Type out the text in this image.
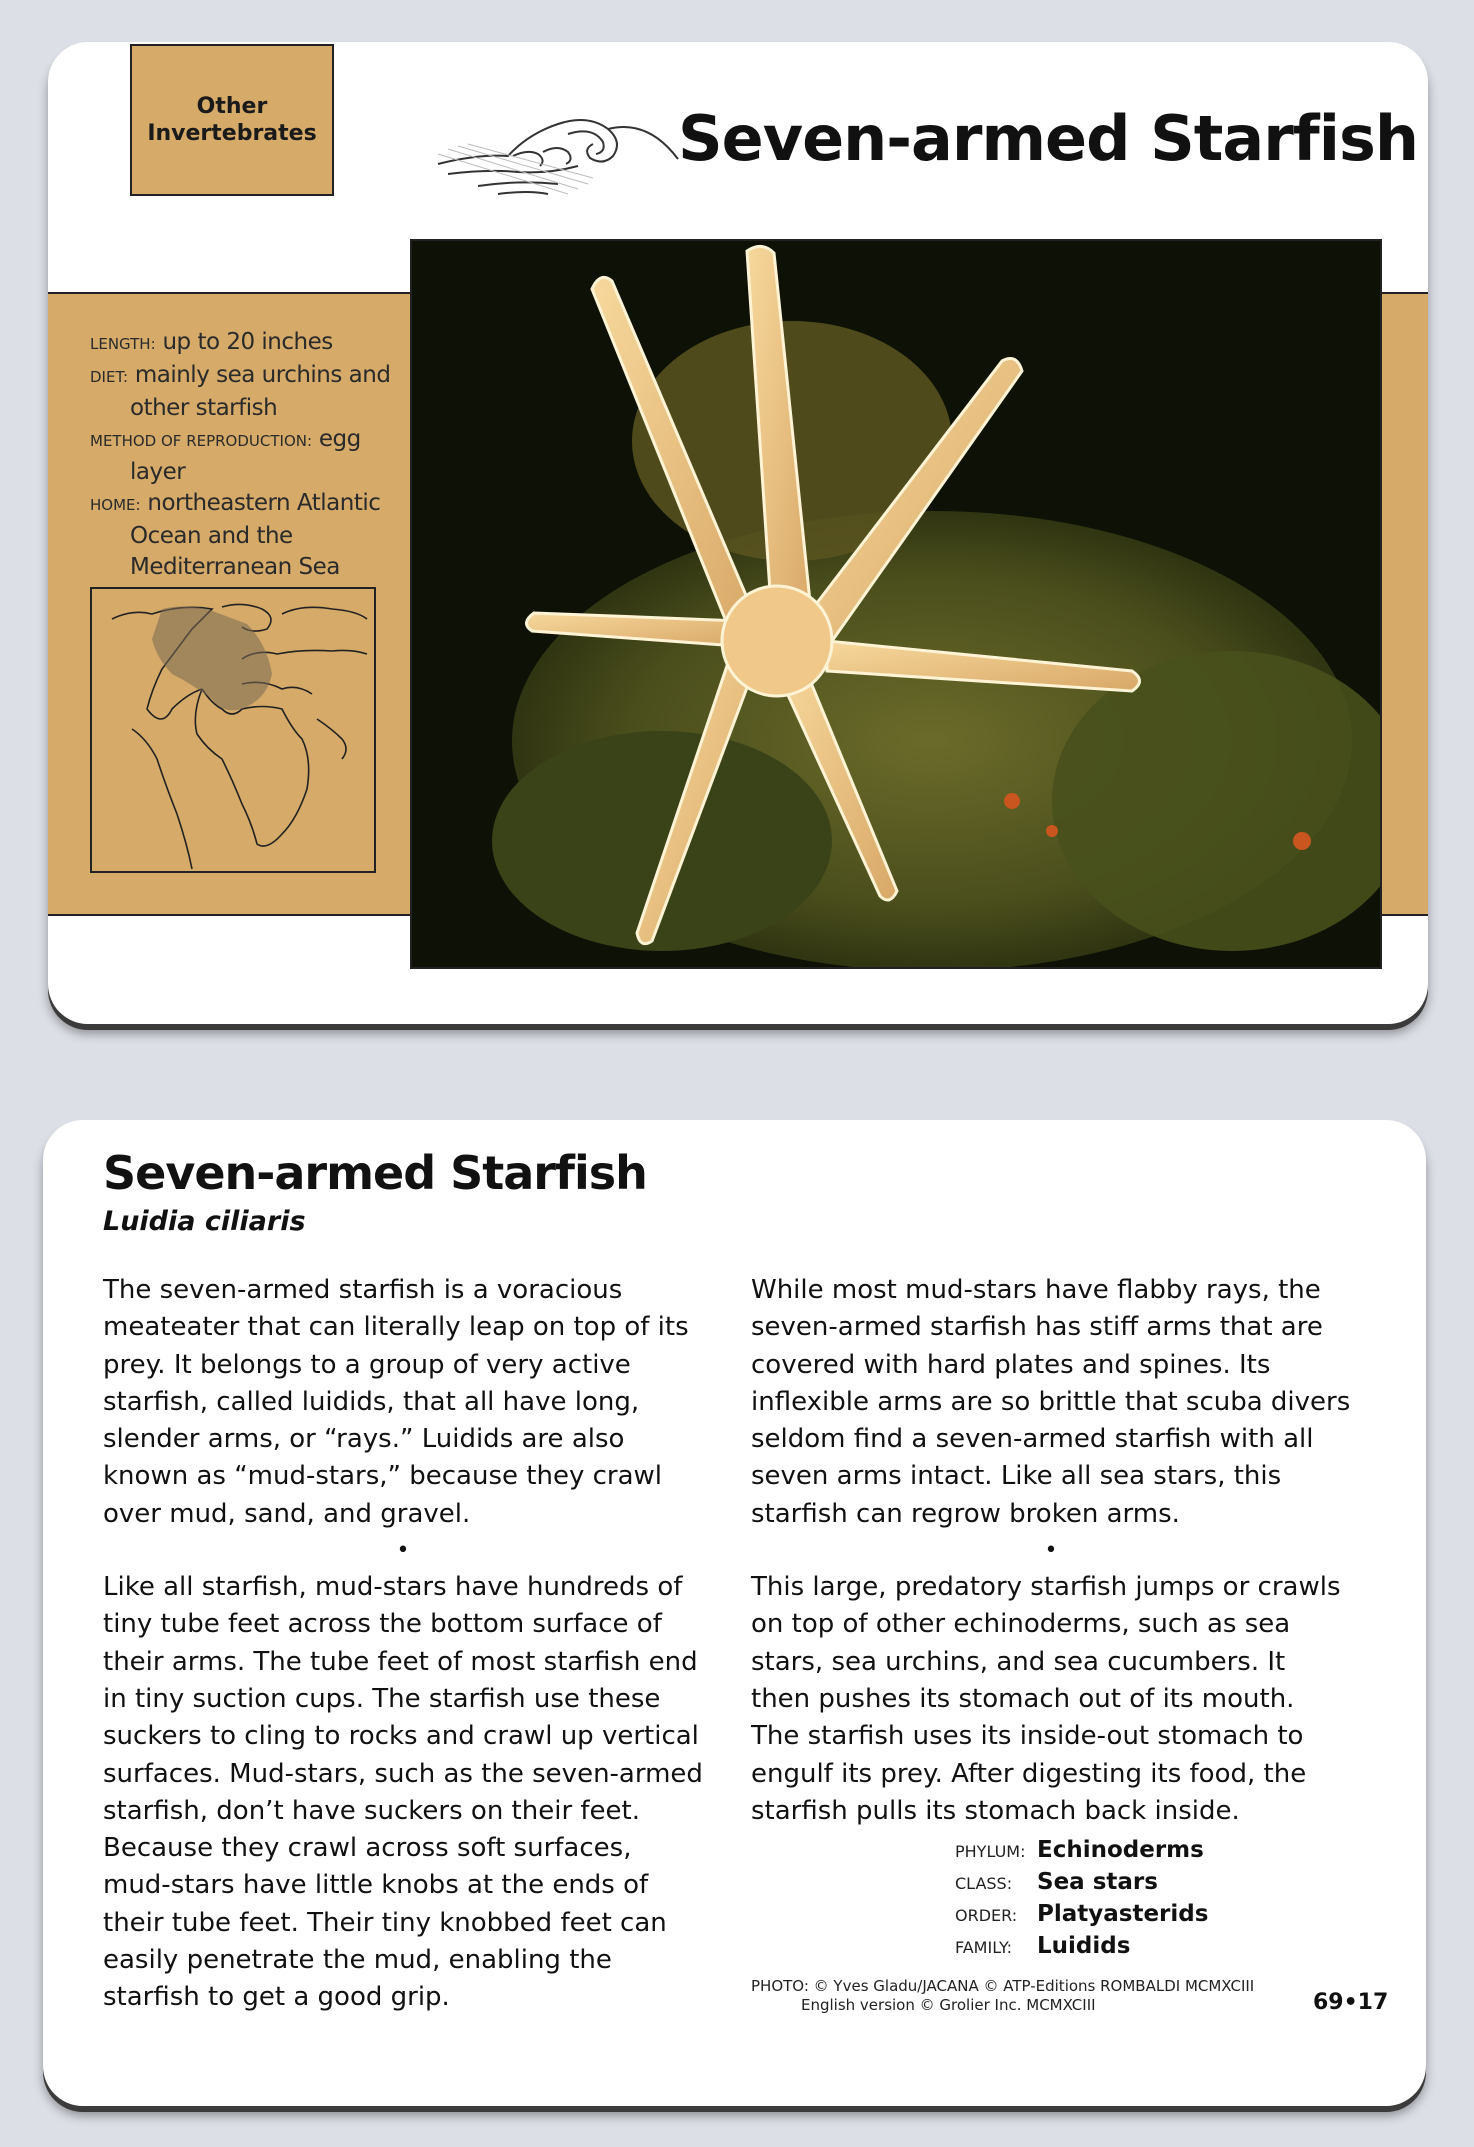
Other Invertebrates	Seven-armed Starfish
LENGTH: up to 20 inches
DIET: mainly sea urchins and other starfish
METHOD OF REPRODUCTION: egg layer
HOME: northeastern Atlantic Ocean and the Mediterranean Sea
Seven-armed Starfish
Luidia ciliaris

The seven-armed starfish is a voracious meateater that can literally leap on top of its prey. It belongs to a group of very active starfish, called luidids, that all have long, slender arms, or “rays.” Luidids are also known as “mud-stars,” because they crawl over mud, sand, and gravel.

•

Like all starfish, mud-stars have hundreds of tiny tube feet across the bottom surface of their arms. The tube feet of most starfish end in tiny suction cups. The starfish use these suckers to cling to rocks and crawl up vertical surfaces. Mud-stars, such as the seven-armed starfish, don’t have suckers on their feet. Because they crawl across soft surfaces, mud-stars have little knobs at the ends of their tube feet. Their tiny knobbed feet can easily penetrate the mud, enabling the starfish to get a good grip.

While most mud-stars have flabby rays, the seven-armed starfish has stiff arms that are covered with hard plates and spines. Its inflexible arms are so brittle that scuba divers seldom find a seven-armed starfish with all seven arms intact. Like all sea stars, this starfish can regrow broken arms.

•

This large, predatory starfish jumps or crawls on top of other echinoderms, such as sea stars, sea urchins, and sea cucumbers. It then pushes its stomach out of its mouth. The starfish uses its inside-out stomach to engulf its prey. After digesting its food, the starfish pulls its stomach back inside.

PHYLUM: Echinoderms
CLASS:	Sea stars
ORDER: Platyasterids
FAMILY:	Luidids
PHOTO: © Yves Gladu/JACANA © ATP-Editions ROMBALDI MCMXCIII
English version © Grolier Inc. MCMXCIII	69•17
